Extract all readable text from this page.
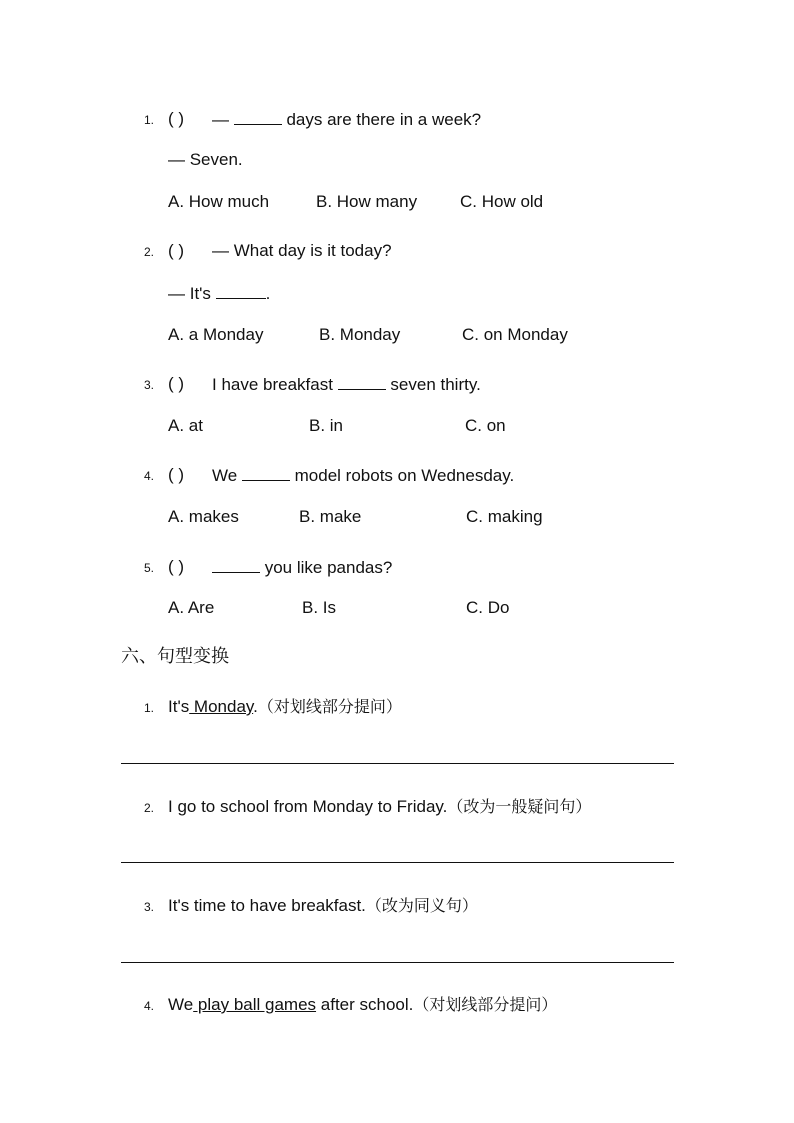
1. ( ) —	days are there in a week?
— Seven.
A. How much	B. How many	C. How old
2. ( ) — What day is it today?
— It's	.
A. a Monday	B. Monday	C. on Monday
3. ( ) I have breakfast	seven thirty.
A. at	B. in	C. on
4. ( ) We	model robots on Wednesday.
A. makes	B. make	C. making
5. ( )	you like pandas?
A. Are	B. Is	C. Do
六、句型变换
1. It's Monday.（对划线部分提问）
2. I go to school from Monday to Friday.（改为一般疑问句）
3. It's time to have breakfast.（改为同义句）
4. We play ball games after school.（对划线部分提问）
